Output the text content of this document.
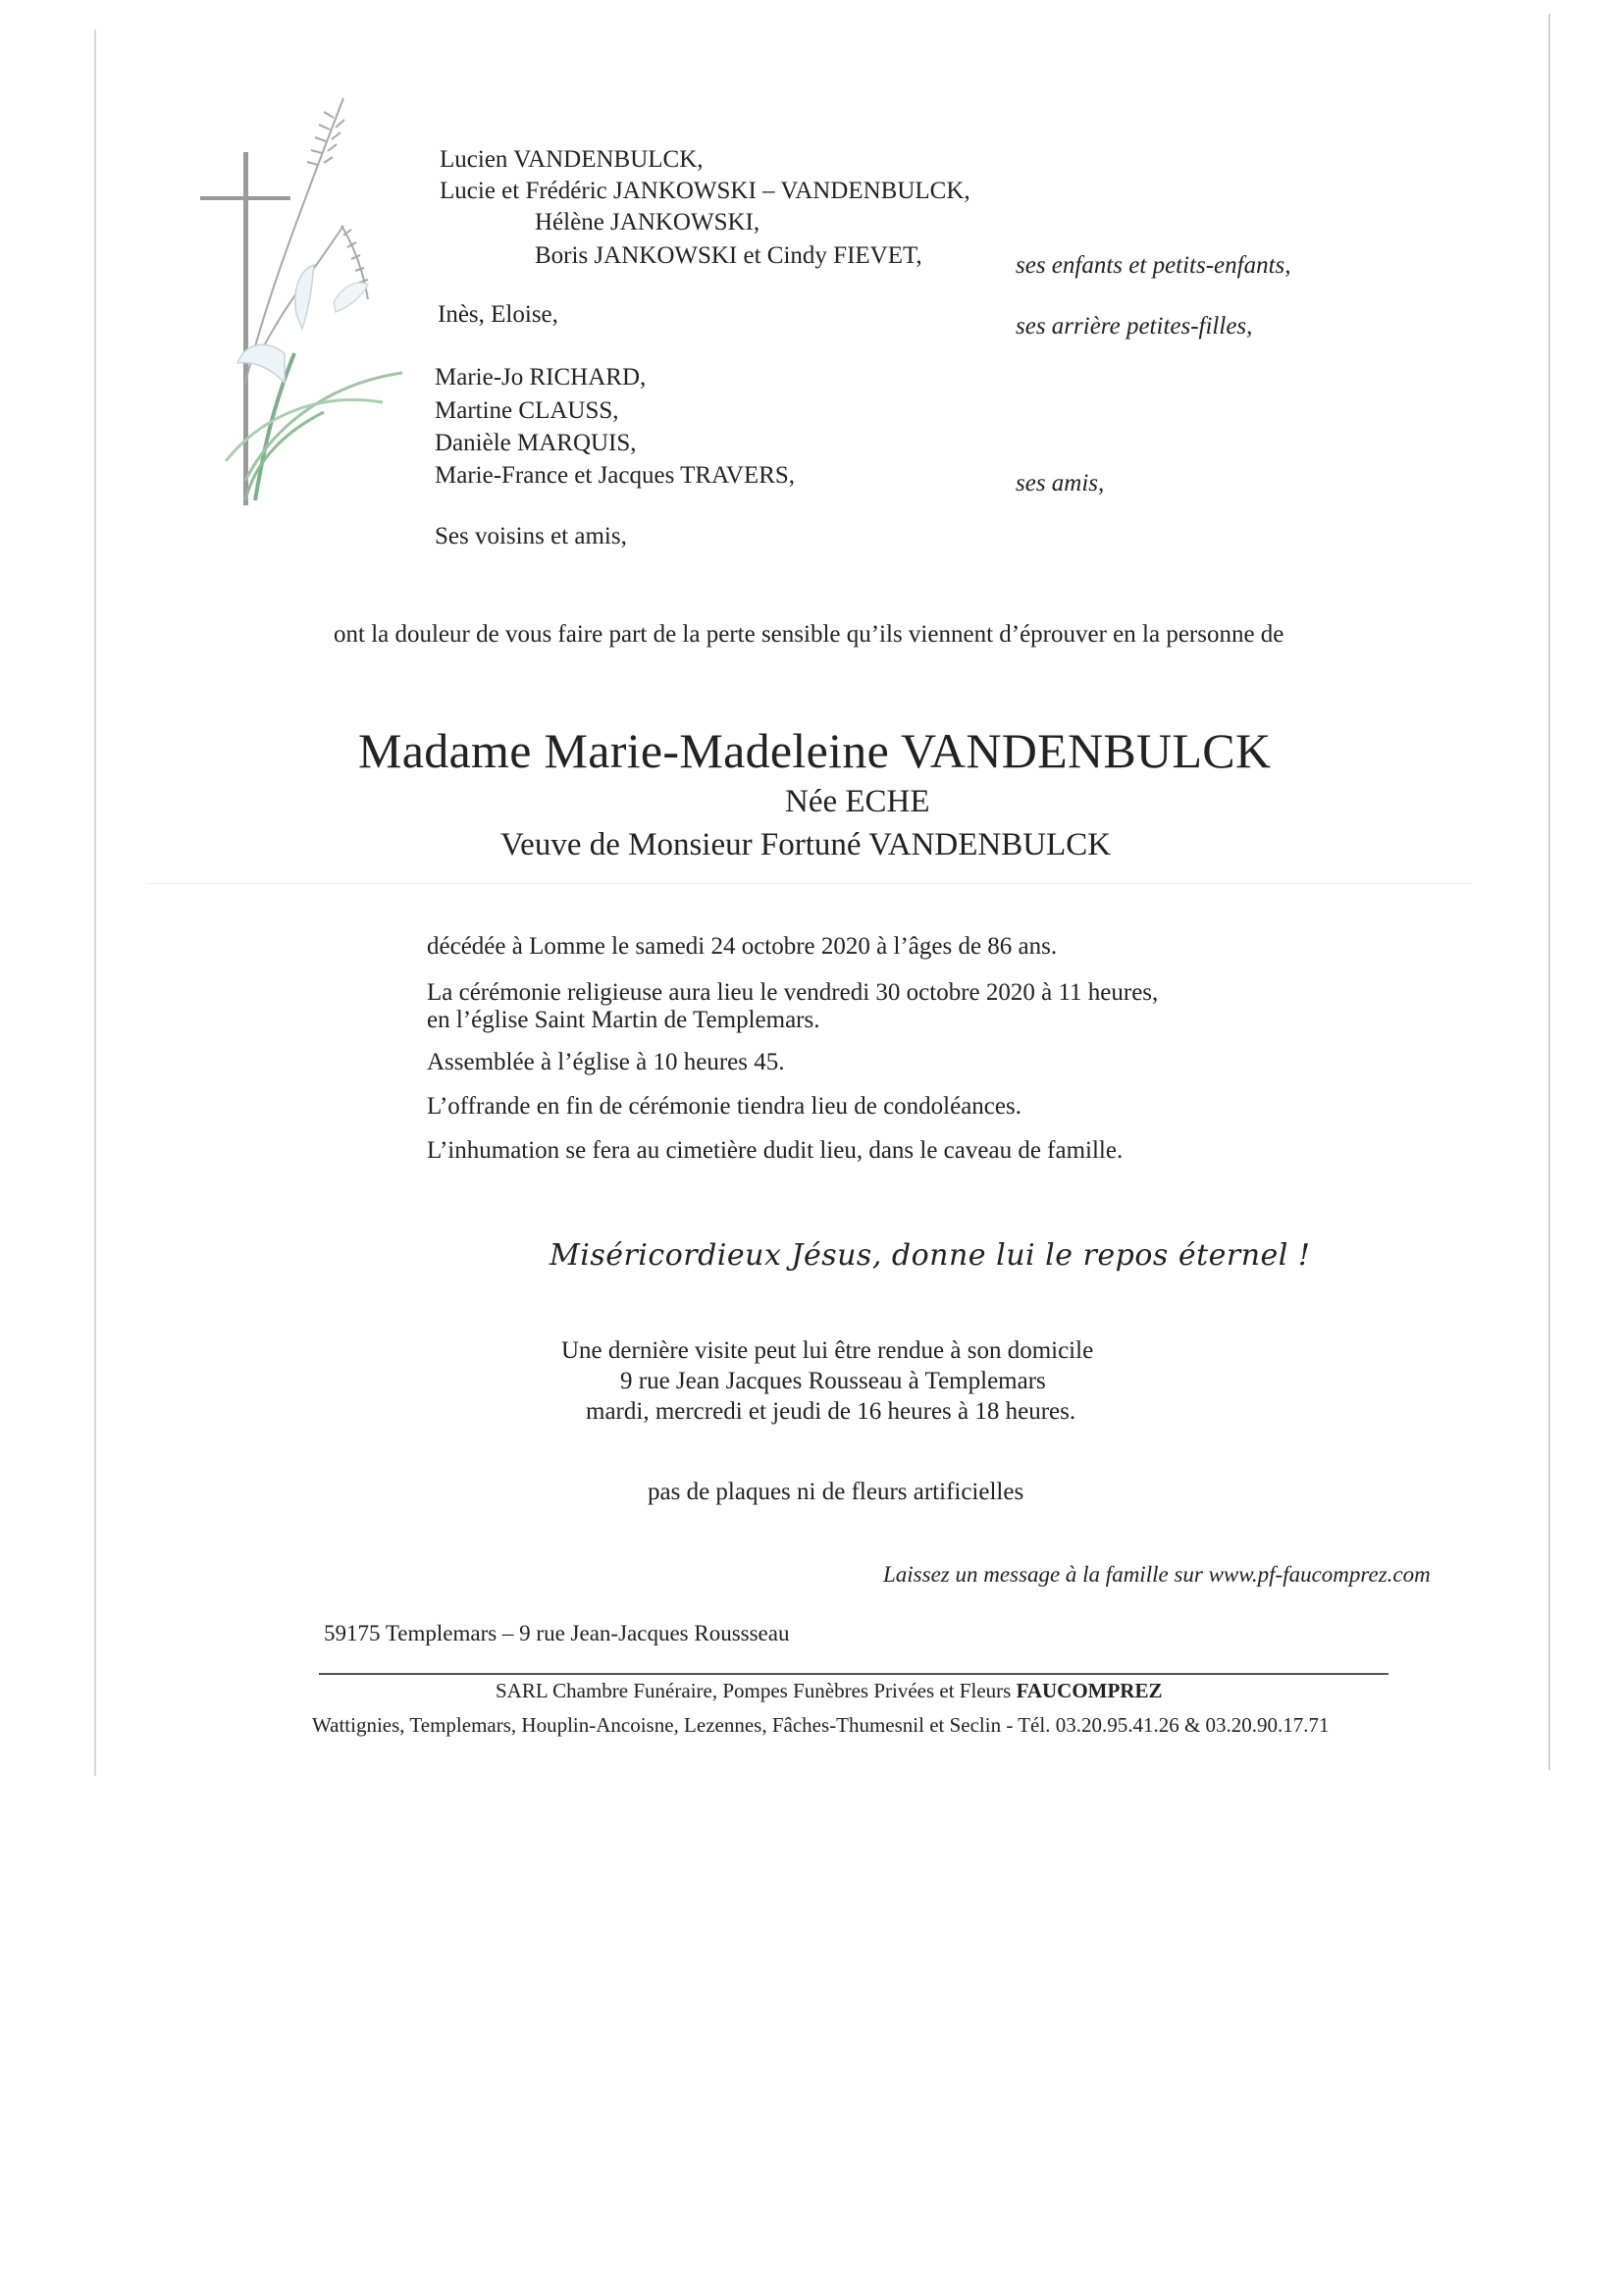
Lucien VANDENBULCK,
Lucie et Frédéric JANKOWSKI – VANDENBULCK,
Hélène JANKOWSKI,
Boris JANKOWSKI et Cindy FIEVET,	ses enfants et petits-enfants,
Inès, Eloise,	ses arrière petites-filles,
Marie-Jo RICHARD,
Martine CLAUSS,
Danièle MARQUIS,
Marie-France et Jacques TRAVERS,	ses amis,
Ses voisins et amis,
ont la douleur de vous faire part de la perte sensible qu’ils viennent d’éprouver en la personne de
Madame Marie-Madeleine VANDENBULCK
Née ECHE
Veuve de Monsieur Fortuné VANDENBULCK
décédée à Lomme le samedi 24 octobre 2020 à l’âges de 86 ans.
La cérémonie religieuse aura lieu le vendredi 30 octobre 2020 à 11 heures,
en l’église Saint Martin de Templemars.
Assemblée à l’église à 10 heures 45.
L’offrande en fin de cérémonie tiendra lieu de condoléances.
L’inhumation se fera au cimetière dudit lieu, dans le caveau de famille.
Miséricordieux Jésus, donne lui le repos éternel !
Une dernière visite peut lui être rendue à son domicile
9 rue Jean Jacques Rousseau à Templemars
mardi, mercredi et jeudi de 16 heures à 18 heures.
pas de plaques ni de fleurs artificielles
Laissez un message à la famille sur www.pf-faucomprez.com
59175 Templemars – 9 rue Jean-Jacques Roussseau
SARL Chambre Funéraire, Pompes Funèbres Privées et Fleurs FAUCOMPREZ
Wattignies, Templemars, Houplin-Ancoisne, Lezennes, Fâches-Thumesnil et Seclin - Tél. 03.20.95.41.26 & 03.20.90.17.71
